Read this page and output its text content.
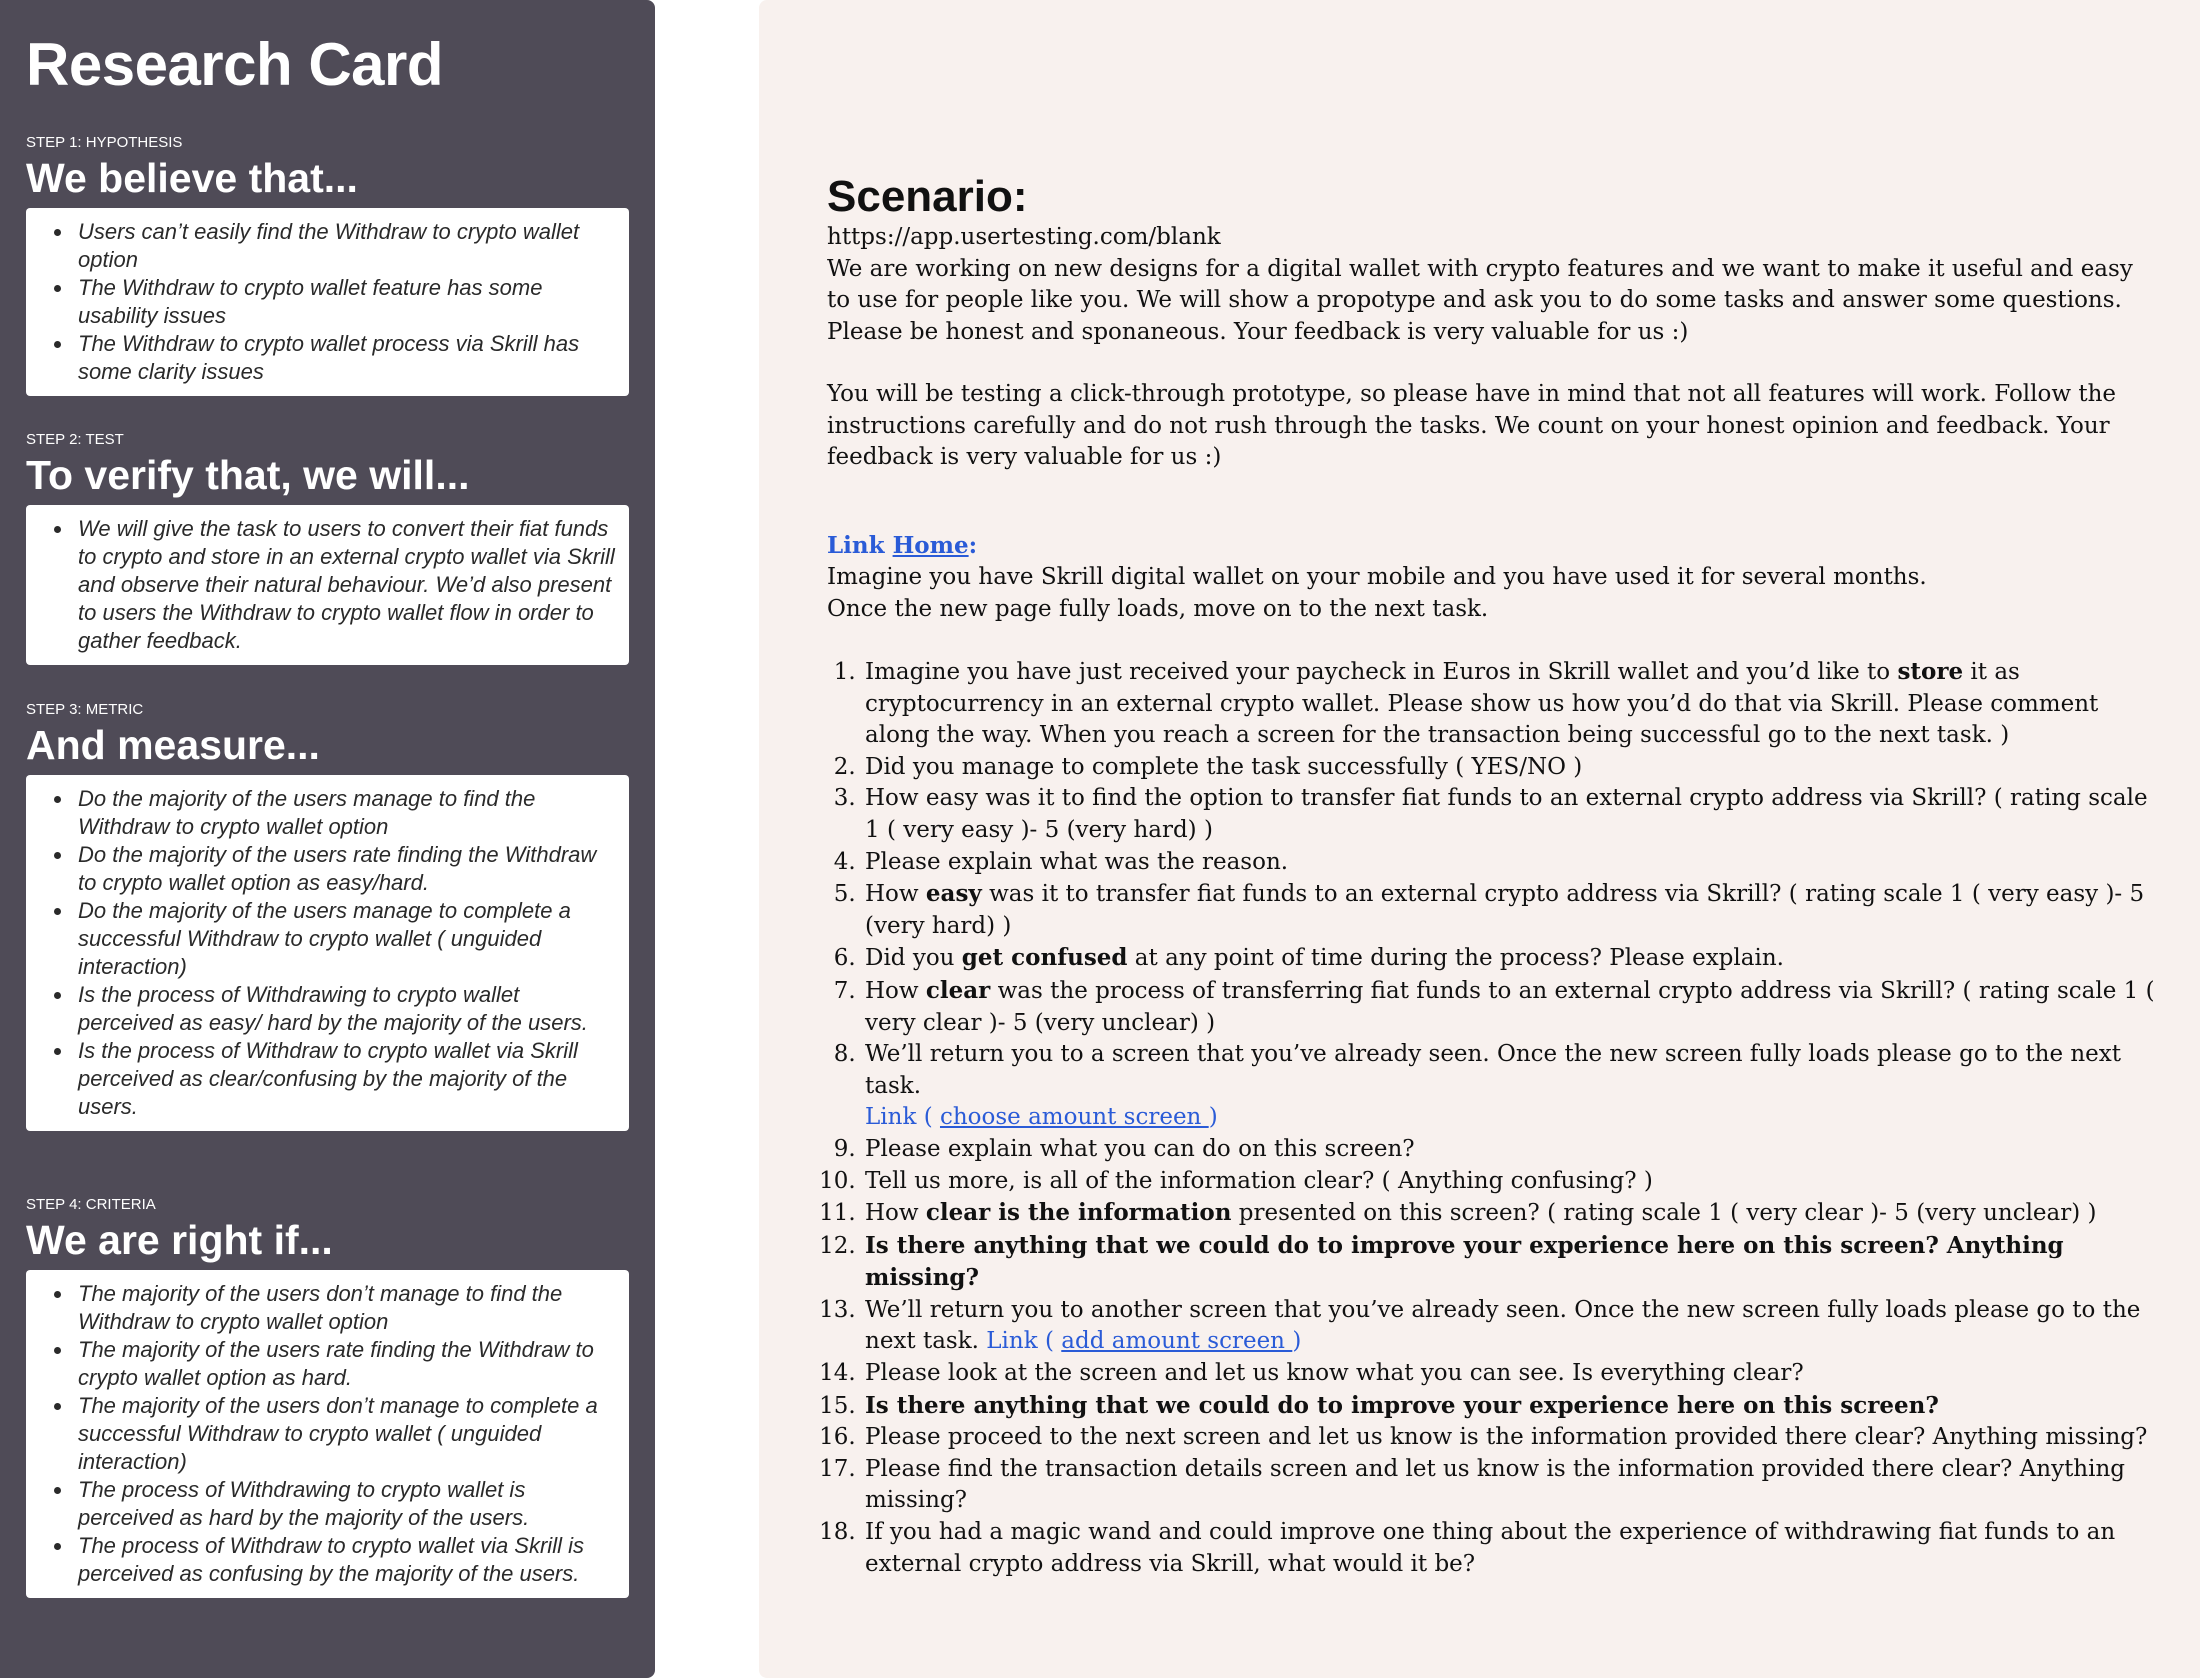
Research Card
STEP 1: HYPOTHESIS
We believe that...
• Users can’t easily find the Withdraw to crypto wallet option
• The Withdraw to crypto wallet feature has some usability issues
• The Withdraw to crypto wallet process via Skrill has some clarity issues
STEP 2: TEST
To verify that, we will...
• We will give the task to users to convert their fiat funds to crypto and store in an external crypto wallet via Skrill and observe their natural behaviour. We’d also present to users the Withdraw to crypto wallet flow in order to gather feedback.
STEP 3: METRIC
And measure...
• Do the majority of the users manage to find the Withdraw to crypto wallet option
• Do the majority of the users rate finding the Withdraw to crypto wallet option as easy/hard.
• Do the majority of the users manage to complete a successful Withdraw to crypto wallet ( unguided interaction)
• Is the process of Withdrawing to crypto wallet perceived as easy/ hard by the majority of the users.
• Is the process of Withdraw to crypto wallet via Skrill perceived as clear/confusing by the majority of the users.
STEP 4: CRITERIA
We are right if...
• The majority of the users don’t manage to find the Withdraw to crypto wallet option
• The majority of the users rate finding the Withdraw to crypto wallet option as hard.
• The majority of the users don’t manage to complete a successful Withdraw to crypto wallet ( unguided interaction)
• The process of Withdrawing to crypto wallet is perceived as hard by the majority of the users.
• The process of Withdraw to crypto wallet via Skrill is perceived as confusing by the majority of the users.
Scenario:

https://app.usertesting.com/blank

We are working on new designs for a digital wallet with crypto features and we want to make it useful and easy to use for people like you. We will show a propotype and ask you to do some tasks and answer some questions. Please be honest and sponaneous. Your feedback is very valuable for us :)

You will be testing a click-through prototype, so please have in mind that not all features will work. Follow the instructions carefully and do not rush through the tasks. We count on your honest opinion and feedback. Your feedback is very valuable for us :)

Link Home:

Imagine you have Skrill digital wallet on your mobile and you have used it for several months.

Once the new page fully loads, move on to the next task.

1. Imagine you have just received your paycheck in Euros in Skrill wallet and you’d like to store it as cryptocurrency in an external crypto wallet. Please show us how you’d do that via Skrill. Please comment along the way. When you reach a screen for the transaction being successful go to the next task. )
2. Did you manage to complete the task successfully ( YES/NO )
3. How easy was it to find the option to transfer fiat funds to an external crypto address via Skrill? ( rating scale 1 ( very easy )- 5 (very hard) )
4. Please explain what was the reason.
5. How easy was it to transfer fiat funds to an external crypto address via Skrill? ( rating scale 1 ( very easy )- 5 (very hard) )
6. Did you get confused at any point of time during the process? Please explain.
7. How clear was the process of transferring fiat funds to an external crypto address via Skrill? ( rating scale 1 ( very clear )- 5 (very unclear) )
8. We’ll return you to a screen that you’ve already seen. Once the new screen fully loads please go to the next task.
Link ( choose amount screen )
9. Please explain what you can do on this screen?
10. Tell us more, is all of the information clear? ( Anything confusing? )
11. How clear is the information presented on this screen? ( rating scale 1 ( very clear )- 5 (very unclear) )
12. Is there anything that we could do to improve your experience here on this screen? Anything missing?
13. We’ll return you to another screen that you’ve already seen. Once the new screen fully loads please go to the next task. Link ( add amount screen )
14. Please look at the screen and let us know what you can see. Is everything clear?
15. Is there anything that we could do to improve your experience here on this screen?
16. Please proceed to the next screen and let us know is the information provided there clear? Anything missing?
17. Please find the transaction details screen and let us know is the information provided there clear? Anything missing?
18. If you had a magic wand and could improve one thing about the experience of withdrawing fiat funds to an external crypto address via Skrill, what would it be?
